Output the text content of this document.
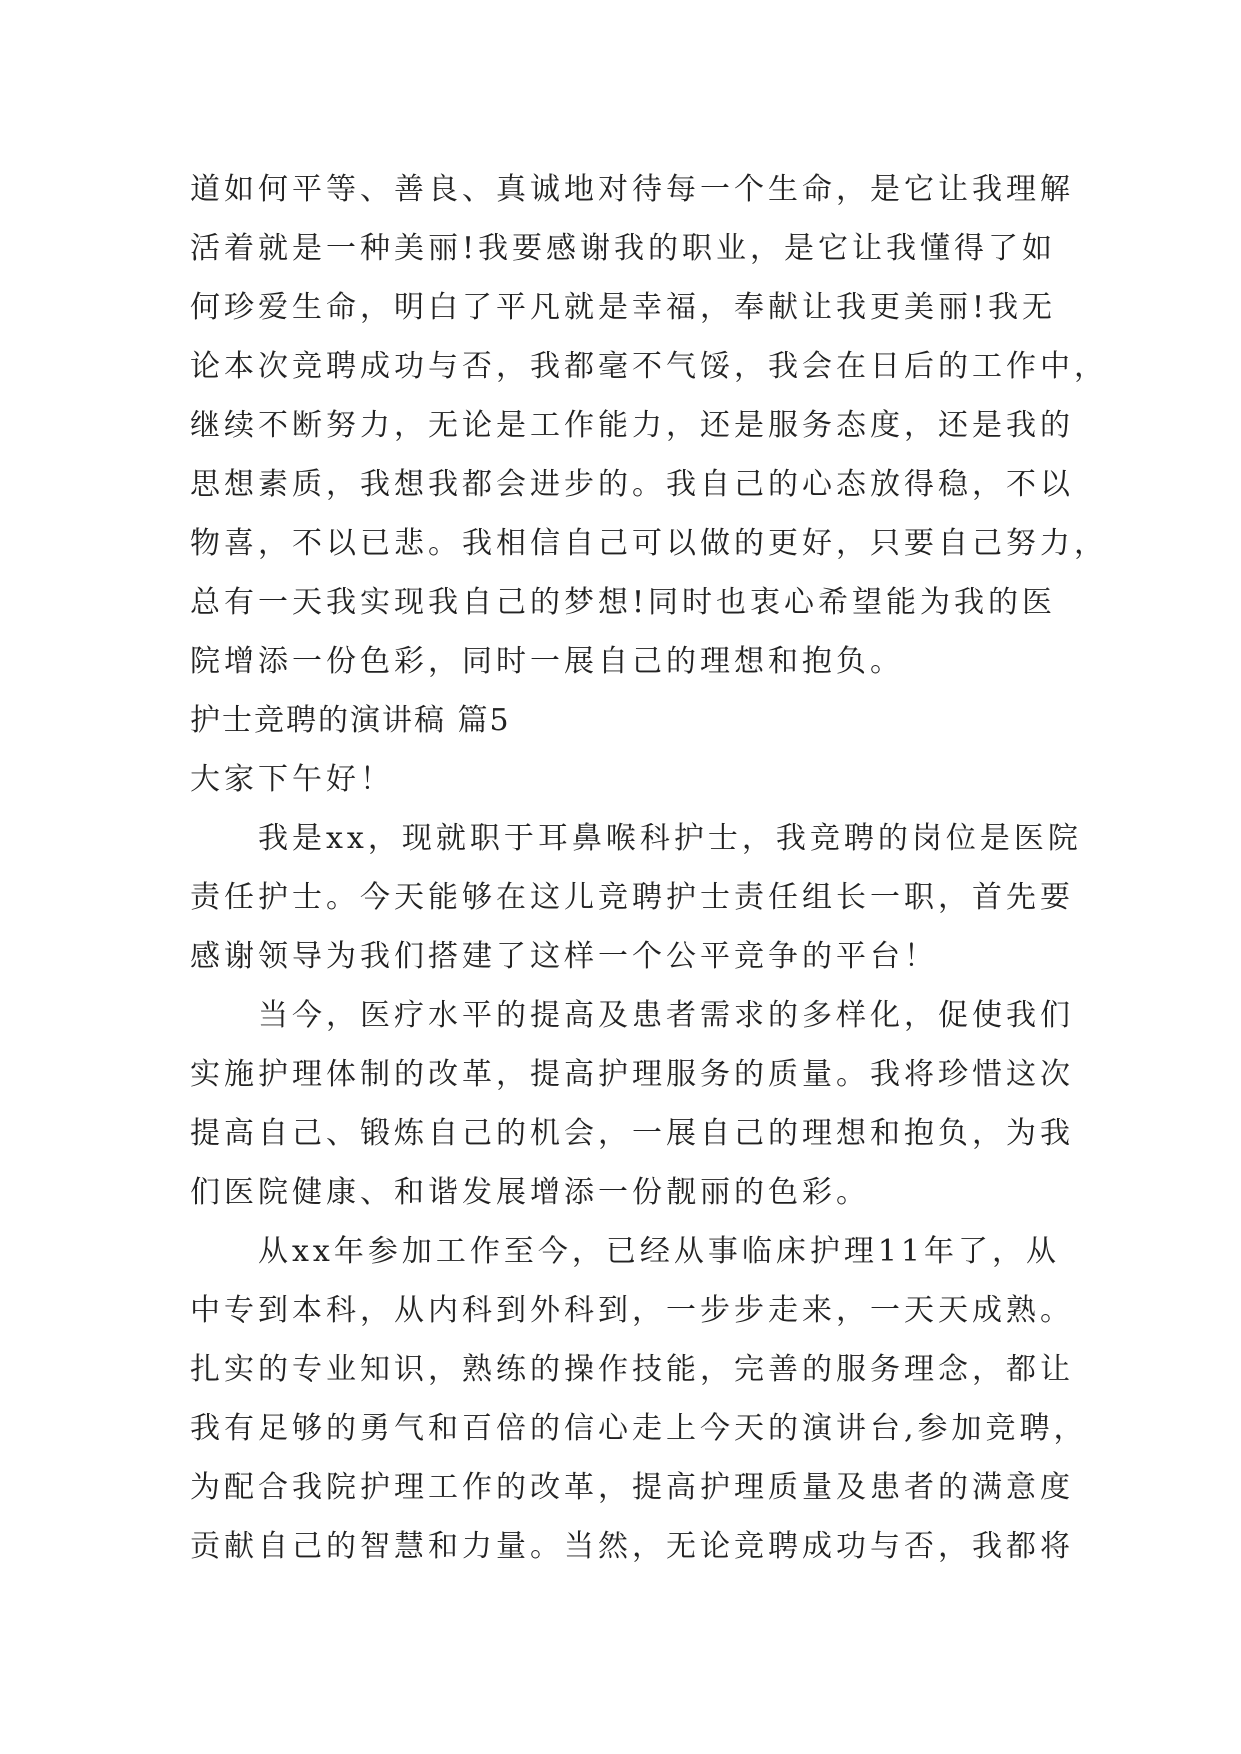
道如何平等、善良、真诚地对待每一个生命，是它让我理解
活着就是一种美丽!我要感谢我的职业，是它让我懂得了如
何珍爱生命，明白了平凡就是幸福，奉献让我更美丽!我无
论本次竞聘成功与否，我都毫不气馁，我会在日后的工作中，
继续不断努力，无论是工作能力，还是服务态度，还是我的
思想素质，我想我都会进步的。我自己的心态放得稳，不以
物喜，不以已悲。我相信自己可以做的更好，只要自己努力，
总有一天我实现我自己的梦想!同时也衷心希望能为我的医
院增添一份色彩，同时一展自己的理想和抱负。
护士竞聘的演讲稿 篇5
大家下午好！
我是xx，现就职于耳鼻喉科护士，我竞聘的岗位是医院
责任护士。今天能够在这儿竞聘护士责任组长一职，首先要
感谢领导为我们搭建了这样一个公平竞争的平台！
当今，医疗水平的提高及患者需求的多样化，促使我们
实施护理体制的改革，提高护理服务的质量。我将珍惜这次
提高自己、锻炼自己的机会，一展自己的理想和抱负，为我
们医院健康、和谐发展增添一份靓丽的色彩。
从xx年参加工作至今，已经从事临床护理11年了，从
中专到本科，从内科到外科到，一步步走来，一天天成熟。
扎实的专业知识，熟练的操作技能，完善的服务理念，都让
我有足够的勇气和百倍的信心走上今天的演讲台,参加竞聘，
为配合我院护理工作的改革，提高护理质量及患者的满意度
贡献自己的智慧和力量。当然，无论竞聘成功与否，我都将
